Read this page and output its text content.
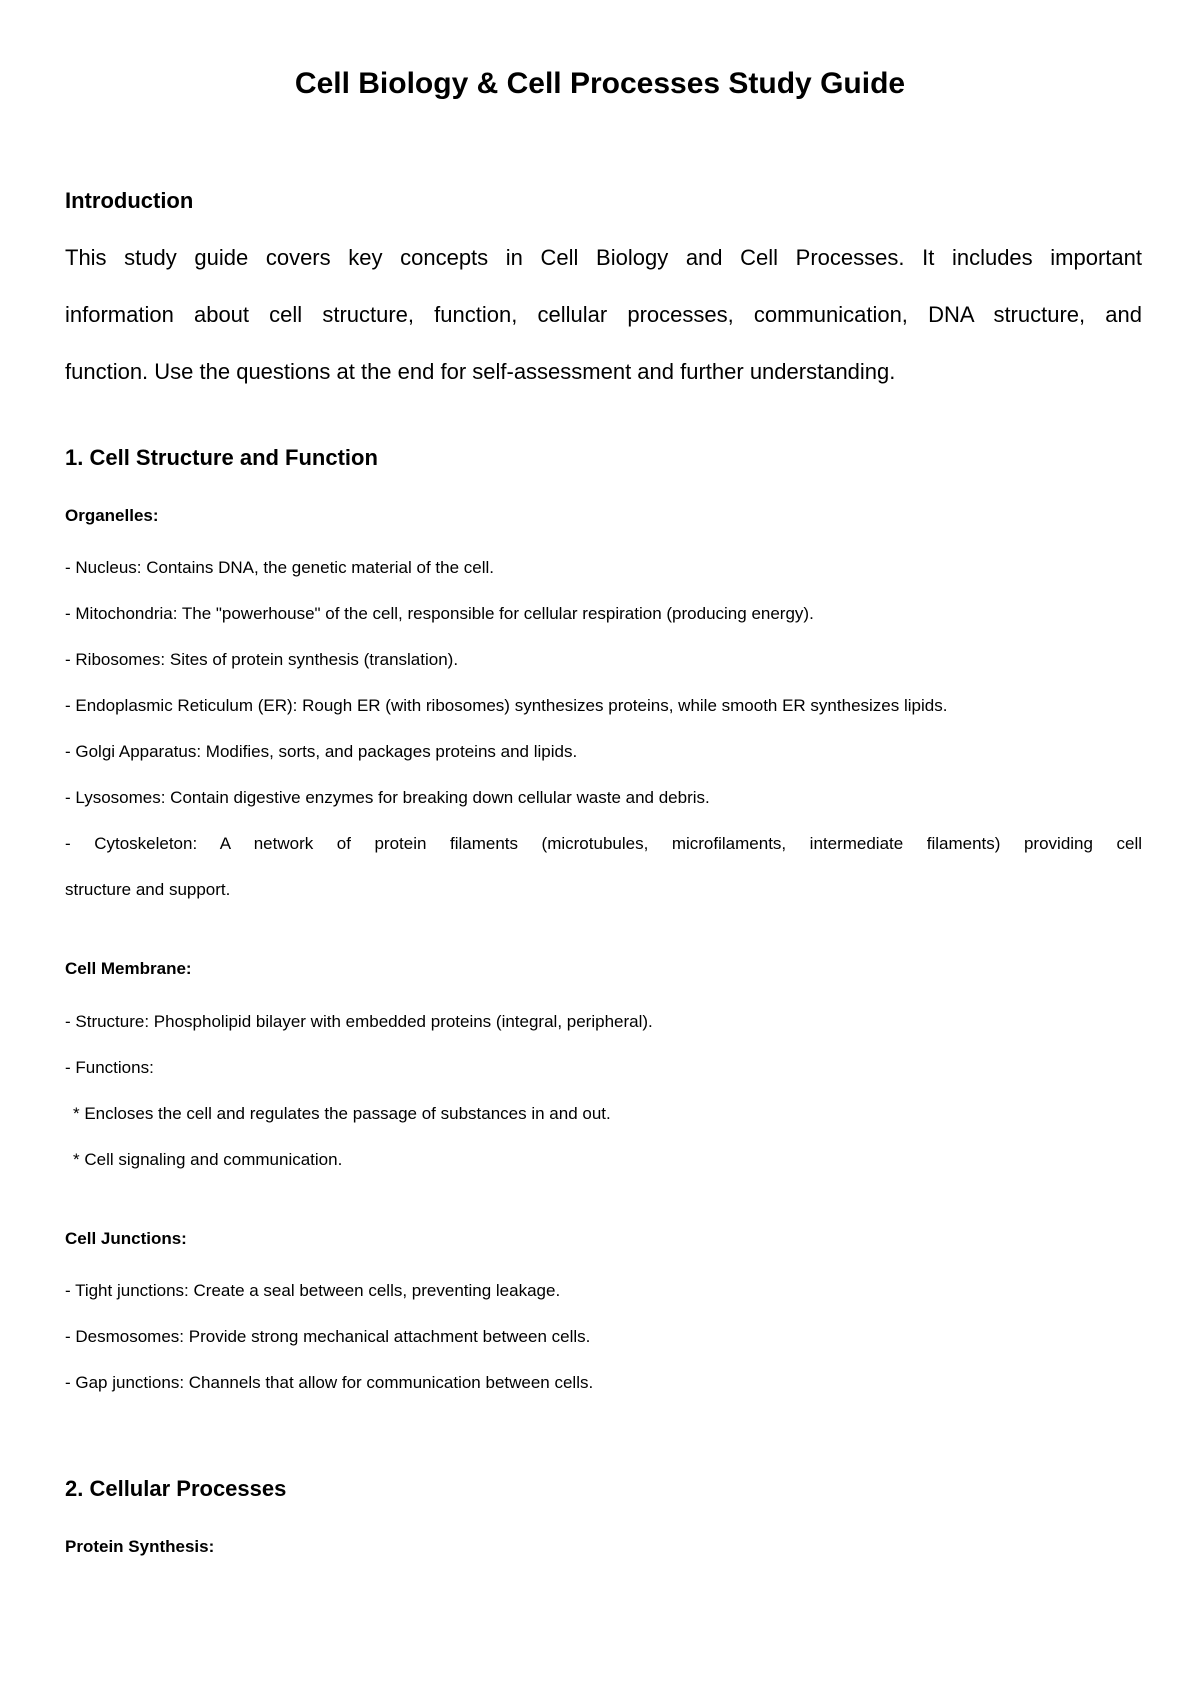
Cell Biology & Cell Processes Study Guide
Introduction

This study guide covers key concepts in Cell Biology and Cell Processes. It includes important

information about cell structure, function, cellular processes, communication, DNA structure, and

function. Use the questions at the end for self-assessment and further understanding.

1. Cell Structure and Function
Organelles:

- Nucleus: Contains DNA, the genetic material of the cell.

- Mitochondria: The "powerhouse" of the cell, responsible for cellular respiration (producing energy).

- Ribosomes: Sites of protein synthesis (translation).

- Endoplasmic Reticulum (ER): Rough ER (with ribosomes) synthesizes proteins, while smooth ER synthesizes lipids.

- Golgi Apparatus: Modifies, sorts, and packages proteins and lipids.

- Lysosomes: Contain digestive enzymes for breaking down cellular waste and debris.

- Cytoskeleton: A network of protein filaments (microtubules, microfilaments, intermediate filaments) providing cell

structure and support.

Cell Membrane:

- Structure: Phospholipid bilayer with embedded proteins (integral, peripheral).

- Functions:

* Encloses the cell and regulates the passage of substances in and out.

* Cell signaling and communication.

Cell Junctions:

- Tight junctions: Create a seal between cells, preventing leakage.

- Desmosomes: Provide strong mechanical attachment between cells.

- Gap junctions: Channels that allow for communication between cells.

2. Cellular Processes
Protein Synthesis:
